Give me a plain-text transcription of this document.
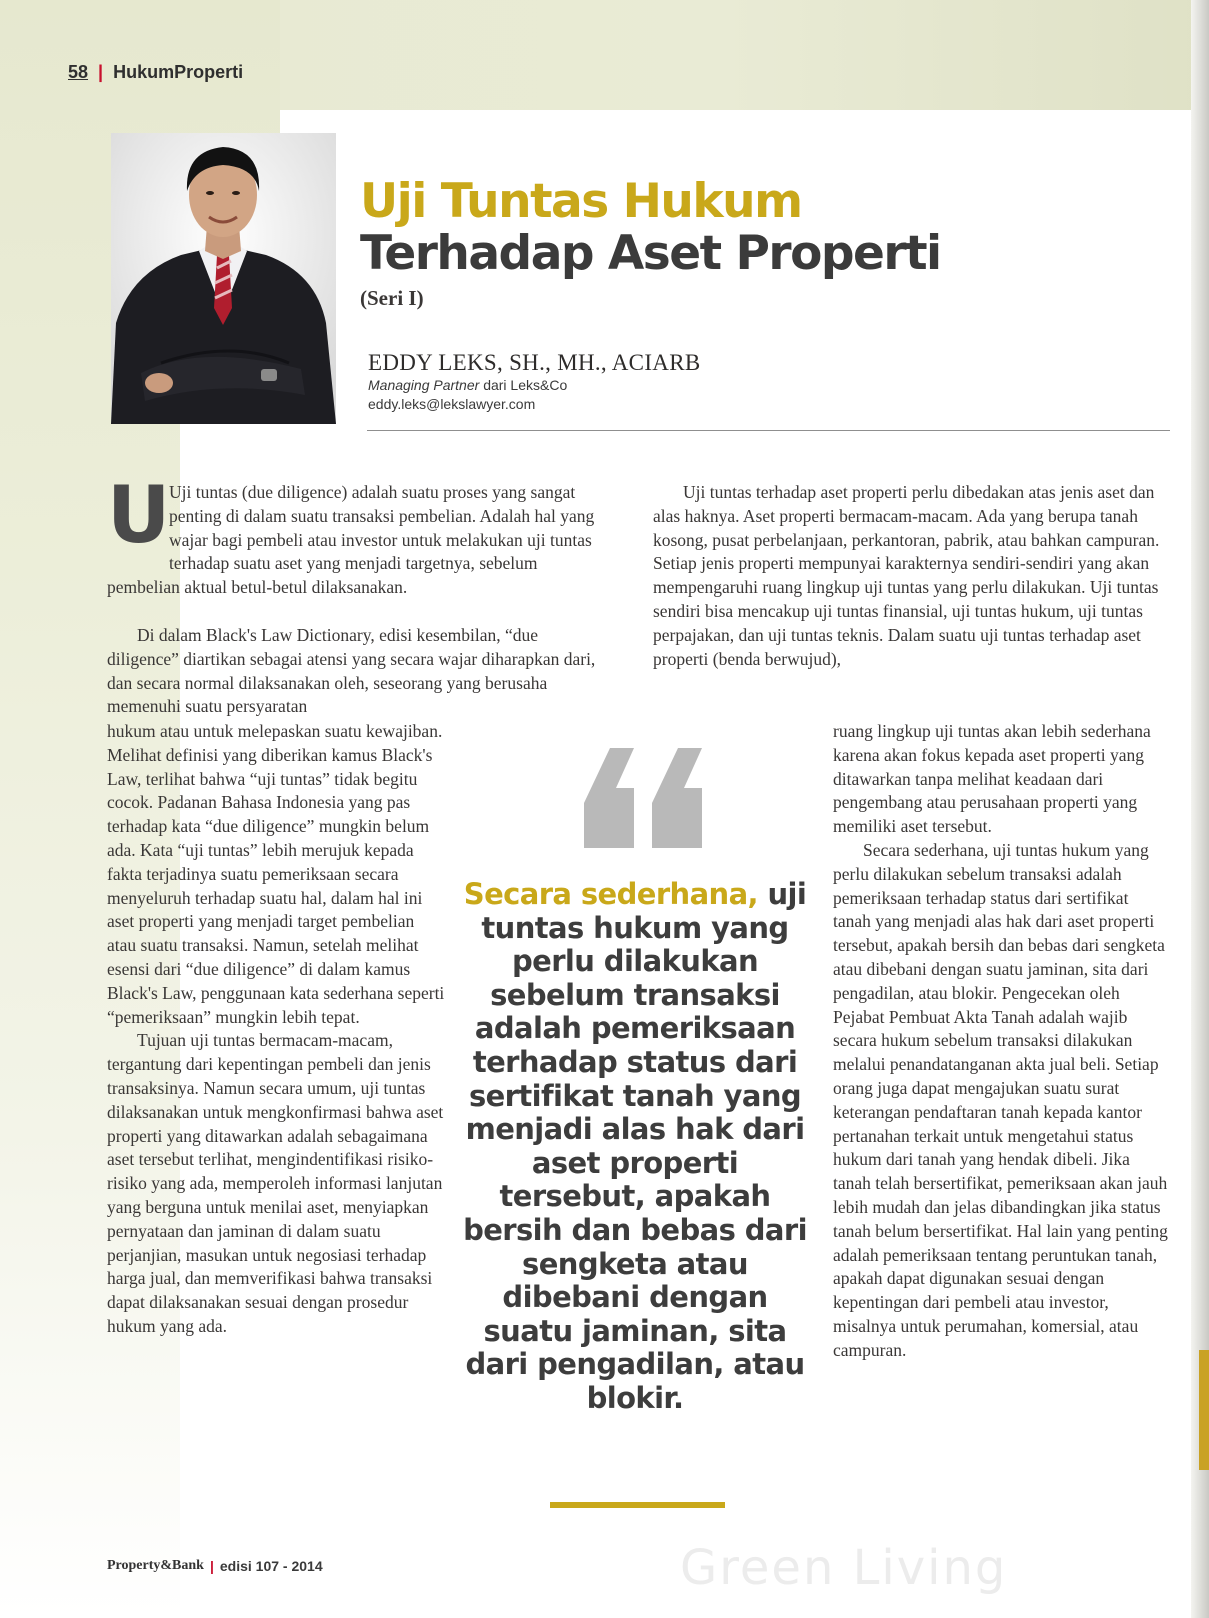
58 | HukumProperti
Uji Tuntas Hukum
Terhadap Aset Properti
(Seri I)
EDDY LEKS, SH., MH., ACIARB
Managing Partner dari Leks&Co
eddy.leks@lekslawyer.com
U

Uji tuntas (due diligence) adalah suatu proses yang sangat penting di dalam suatu transaksi pembelian. Adalah hal yang wajar bagi pembeli atau investor untuk melakukan uji tuntas terhadap suatu aset yang menjadi targetnya, sebelum pembelian aktual betul-betul dilaksanakan.

Di dalam Black's Law Dictionary, edisi kesembilan, “due diligence” diartikan sebagai atensi yang secara wajar diharapkan dari, dan secara normal dilaksanakan oleh, seseorang yang berusaha memenuhi suatu persyaratan

hukum atau untuk melepaskan suatu kewajiban. Melihat definisi yang diberikan kamus Black's Law, terlihat bahwa “uji tuntas” tidak begitu cocok. Padanan Bahasa Indonesia yang pas terhadap kata “due diligence” mungkin belum ada. Kata “uji tuntas” lebih merujuk kepada fakta terjadinya suatu pemeriksaan secara menyeluruh terhadap suatu hal, dalam hal ini aset properti yang menjadi target pembelian atau suatu transaksi. Namun, setelah melihat esensi dari “due diligence” di dalam kamus Black's Law, penggunaan kata sederhana seperti “pemeriksaan” mungkin lebih tepat.

Tujuan uji tuntas bermacam-macam, tergantung dari kepentingan pembeli dan jenis transaksinya. Namun secara umum, uji tuntas dilaksanakan untuk mengkonfirmasi bahwa aset properti yang ditawarkan adalah sebagaimana aset tersebut terlihat, mengindentifikasi risiko-risiko yang ada, memperoleh informasi lanjutan yang berguna untuk menilai aset, menyiapkan pernyataan dan jaminan di dalam suatu perjanjian, masukan untuk negosiasi terhadap harga jual, dan memverifikasi bahwa transaksi dapat dilaksanakan sesuai dengan prosedur hukum yang ada.

Uji tuntas terhadap aset properti perlu dibedakan atas jenis aset dan alas haknya. Aset properti bermacam-macam. Ada yang berupa tanah kosong, pusat perbelanjaan, perkantoran, pabrik, atau bahkan campuran. Setiap jenis properti mempunyai karakternya sendiri-sendiri yang akan mempengaruhi ruang lingkup uji tuntas yang perlu dilakukan. Uji tuntas sendiri bisa mencakup uji tuntas finansial, uji tuntas hukum, uji tuntas perpajakan, dan uji tuntas teknis. Dalam suatu uji tuntas terhadap aset properti (benda berwujud),

ruang lingkup uji tuntas akan lebih sederhana karena akan fokus kepada aset properti yang ditawarkan tanpa melihat keadaan dari pengembang atau perusahaan properti yang memiliki aset tersebut.

Secara sederhana, uji tuntas hukum yang perlu dilakukan sebelum transaksi adalah pemeriksaan terhadap status dari sertifikat tanah yang menjadi alas hak dari aset properti tersebut, apakah bersih dan bebas dari sengketa atau dibebani dengan suatu jaminan, sita dari pengadilan, atau blokir. Pengecekan oleh Pejabat Pembuat Akta Tanah adalah wajib secara hukum sebelum transaksi dilakukan melalui penandatanganan akta jual beli. Setiap orang juga dapat mengajukan suatu surat keterangan pendaftaran tanah kepada kantor pertanahan terkait untuk mengetahui status hukum dari tanah yang hendak dibeli. Jika tanah telah bersertifikat, pemeriksaan akan jauh lebih mudah dan jelas dibandingkan jika status tanah belum bersertifikat. Hal lain yang penting adalah pemeriksaan tentang peruntukan tanah, apakah dapat digunakan sesuai dengan kepentingan dari pembeli atau investor, misalnya untuk perumahan, komersial, atau campuran.

Secara sederhana, uji tuntas hukum yang perlu dilakukan sebelum transaksi adalah pemeriksaan terhadap status dari sertifikat tanah yang menjadi alas hak dari aset properti tersebut, apakah bersih dan bebas dari sengketa atau dibebani dengan suatu jaminan, sita dari pengadilan, atau blokir.
Green Living
Property&Bank | edisi 107 - 2014
